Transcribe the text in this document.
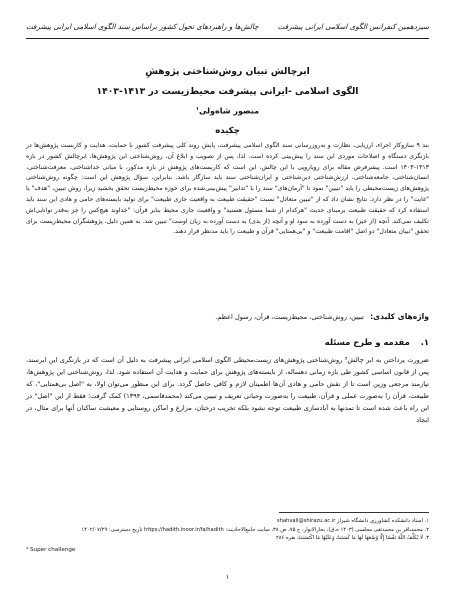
سیزدهمین کنفرانس الگوی اسلامی ایرانی پیشرفت
چالش‌ها و راهبردهای تحول کشور براساس سند الگوی اسلامی ایرانی پیشرفت
ابرچالش تبیان روش‌شناختی پژوهشِ
الگوی اسلامی -ایرانی پیشرفت محیط‌زیست در ۱۴۱۳-۱۴۰۳
منصور شاه‌ولی$^۱$
چکیده
بند ۹ سازوکار اجراء، ارزیابی، نظارت و به‌روزرسانی سند الگوی اسلامی پیشرفت، پایش روند کلی پیشرفت کشور با حمایت، هدایت و کاربست پژوهش‌ها در بازنگری دستگاه و اصلاحات موردی این سند را پیش‌بینی کرده است. لذا، پس از تصویب و ابلاغ آن، روش‌شناختی این پژوهش‌ها، ابرچالش کشور در بازه ۱۴۱۳-۱۴۰۳ است. پیشرفرض مقاله برای رویارویی با این چالش، این است که کاربست‌های پژوهش در بازه مذکور، با مبانی خداشناختی، معرفت‌شناختی، انسان‌شناختی، جامعه‌شناختی، ارزش‌شناختی دین‌شناختی و ایران‌شناختی سند باید سازگار باشد. بنابراین، سؤال پژوهش این است: چگونه روش‌شناختی پژوهش‌های زیست‌محیطی را باید "تبیین" نمود تا "آرمان‌های" سند را با "تدابیر" پیش‌بینی‌شده برای حوزه محیط‌زیست تحقق بخشید زیرا، روش تبیین، "هدف" یا "غایت" را در نظر دارد. نتایج نشان داد که از "تبیین متعادل" نسبت "حقیقت طبیعت به واقعیت جاری طبیعت" برای تولید بایسته‌های حامی و هادی این سند باید استفاده کرد که حقیقت طبیعت برمبنای حدیث "هرکدام از شما مسئول هستید" و واقعیت جاری محیط بنابر قرآن: "خداوند هیچ‌کس را جز به‌قدر توانایی‌اش تکلیف نمی‌کند. آنچه (از خیر) به دست آورده به سود او و آنچه (از بدی) به دست آورده به زیان اوست" تبیین شد. به همین دلیل، پژوهشگران محیط‌زیست برای تحقق "تبیان متعادل" دو اصل "اقامت طبیعت" و "بی‌همتایی" قرآن و طبیعت را باید مدنظر قرار دهند.
واژه‌های کلیدی: تبیین، روش‌شناختی، محیط‌زیست، قرآن، رسول اعظم.
۱. مقدمه و طرح مسئله
ضرورت پرداختن به ابر چالش³ روش‌شناختی پژوهش‌های زیست‌محیطی الگوی اسلامی ایرانی پیشرفت به دلیل آن است که در بازنگری این ابرسند، پس از قانون اساسی کشور طی بازه زمانی دهساله، از بایسته‌های پژوهش برای حمایت و هدایت آن استفاده شود. لذا، روش‌شناختی این پژوهش‌ها، نیازمند مرجعی وزین است تا از نقش حامی و هادی آن‌ها اطمینان لازم و کافی حاصل گردد. برای این منظور می‌توان اولا، به "اصل بی‌همتایی"، که طبیعت، قرآن را به‌صورت عملی و قرآن، طبیعت را به‌صورت وحیانی تعریف و تبیین می‌کند (محمدقاسمی، ۱۳۹۴) کمک گرفت؛ فقط از این "اصل" در این راه باعث شده است تا تمدنها به آبادسازی طبیعت توجه نشود بلکه تخریب درختان، مزارع و اماکن روستایی و معیشت ساکنان آنها برای مثال، در ایجاد
۱. استاد دانشکده کشاورزی دانشگاه شیراز shahvali@shirazu.ac.ir
۲. محمدباقر بن محمدتقی مجلسی (۱۴۰۳ ه.ق)، بحارالانوار، ج ۷۵، ص ۳۸، سایت جامع‌الاحادیث: https://hadith.inoor.ir/fa/hadith تاریخ دسترسی: ۱۴۰۲/۰۷/۲۹
۳. لَا یُکَلِّفُ اللَّهُ نَفْسًا إِلَّا وُسْعَهَا لَهَا مَا کَسَبَتْ وَعَلَیْهَا مَا اکْتَسَبَتْ بقره ۲۸۶
⁴ Super challenge
۱
